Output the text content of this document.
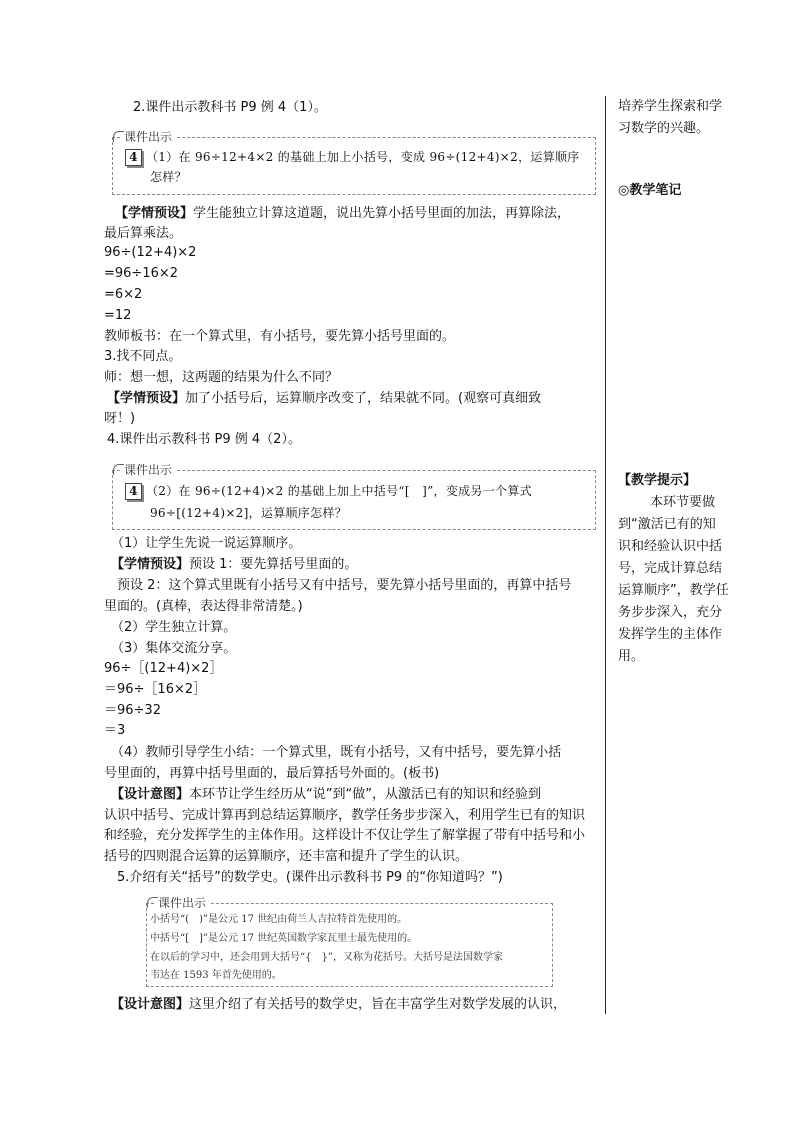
2.课件出示教科书 P9 例 4（1）。
课件出示
4 （1）在 96÷12+4×2 的基础上加上小括号，变成 96÷(12+4)×2，运算顺序
怎样？
【学情预设】学生能独立计算这道题，说出先算小括号里面的加法，再算除法，
最后算乘法。
96÷(12+4)×2
=96÷16×2
=6×2
=12
教师板书：在一个算式里，有小括号，要先算小括号里面的。
3.找不同点。
师：想一想，这两题的结果为什么不同？
【学情预设】加了小括号后，运算顺序改变了，结果就不同。(观察可真细致
呀！)
4.课件出示教科书 P9 例 4（2）。
课件出示
4 （2）在 96÷(12+4)×2 的基础上加上中括号“[　]”，变成另一个算式
96÷[(12+4)×2]，运算顺序怎样？
（1）让学生先说一说运算顺序。
【学情预设】预设 1：要先算括号里面的。
预设 2：这个算式里既有小括号又有中括号，要先算小括号里面的，再算中括号
里面的。(真棒，表达得非常清楚。)
（2）学生独立计算。
（3）集体交流分享。
96÷［(12+4)×2］
＝96÷［16×2］
＝96÷32
＝3
（4）教师引导学生小结：一个算式里，既有小括号，又有中括号，要先算小括
号里面的，再算中括号里面的，最后算括号外面的。(板书)
【设计意图】本环节让学生经历从“说”到“做”，从激活已有的知识和经验到
认识中括号、完成计算再到总结运算顺序，教学任务步步深入，利用学生已有的知识
和经验，充分发挥学生的主体作用。这样设计不仅让学生了解掌握了带有中括号和小
括号的四则混合运算的运算顺序，还丰富和提升了学生的认识。
5.介绍有关“括号”的数学史。(课件出示教科书 P9 的“你知道吗？”)
课件出示
小括号“(　)”是公元 17 世纪由荷兰人吉拉特首先使用的。
中括号“[　]”是公元 17 世纪英国数学家瓦里士最先使用的。
在以后的学习中，还会用到大括号“{　}”，又称为花括号。大括号是法国数学家
韦达在 1593 年首先使用的。
【设计意图】这里介绍了有关括号的数学史，旨在丰富学生对数学发展的认识，
培养学生探索和学
习数学的兴趣。
◎教学笔记
【教学提示】
本环节要做
到“激活已有的知
识和经验认识中括
号，完成计算总结
运算顺序”，教学任
务步步深入，充分
发挥学生的主体作
用。
